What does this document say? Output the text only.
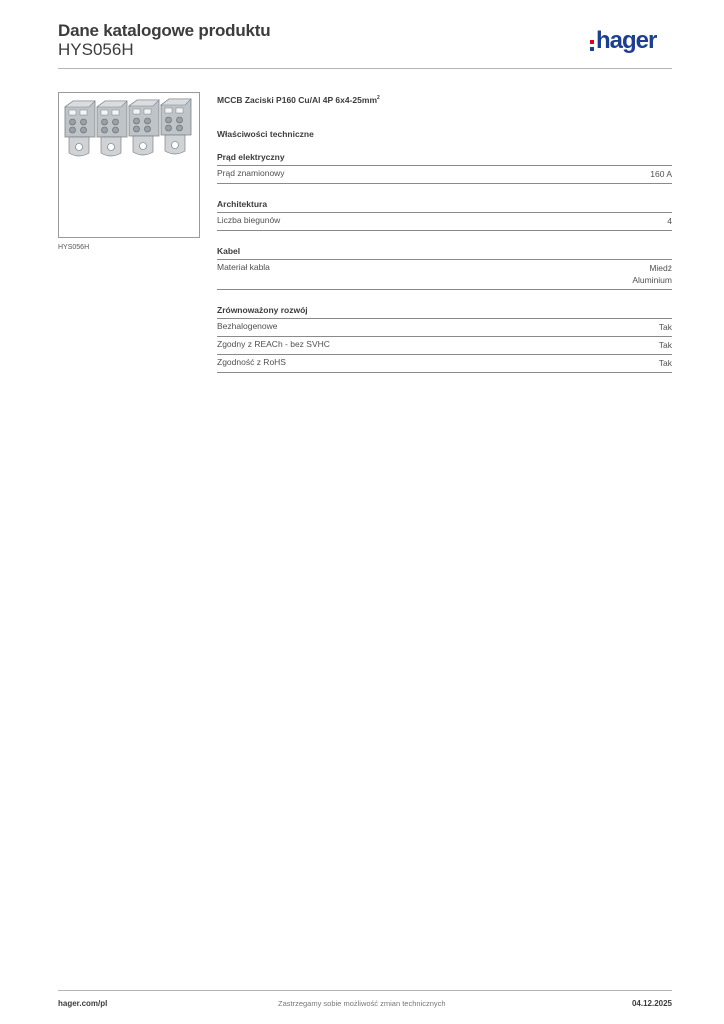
Dane katalogowe produktu
HYS056H	hager
HYS056H
MCCB Zaciski P160 Cu/Al 4P $6x4-25mm^2$
Właściwości techniczne
Prąd elektryczny
Prąd znamionowy	160 A
Architektura
Liczba biegunów	4
Kabel
Materiał kabla	Miedź
Aluminium
Zrównoważony rozwój
Bezhalogenowe	Tak
Zgodny z REACh - bez SVHC	Tak
Zgodność z RoHS	Tak
hager.com/pl	Zastrzegamy sobie możliwość zmian technicznych	04.12.2025
